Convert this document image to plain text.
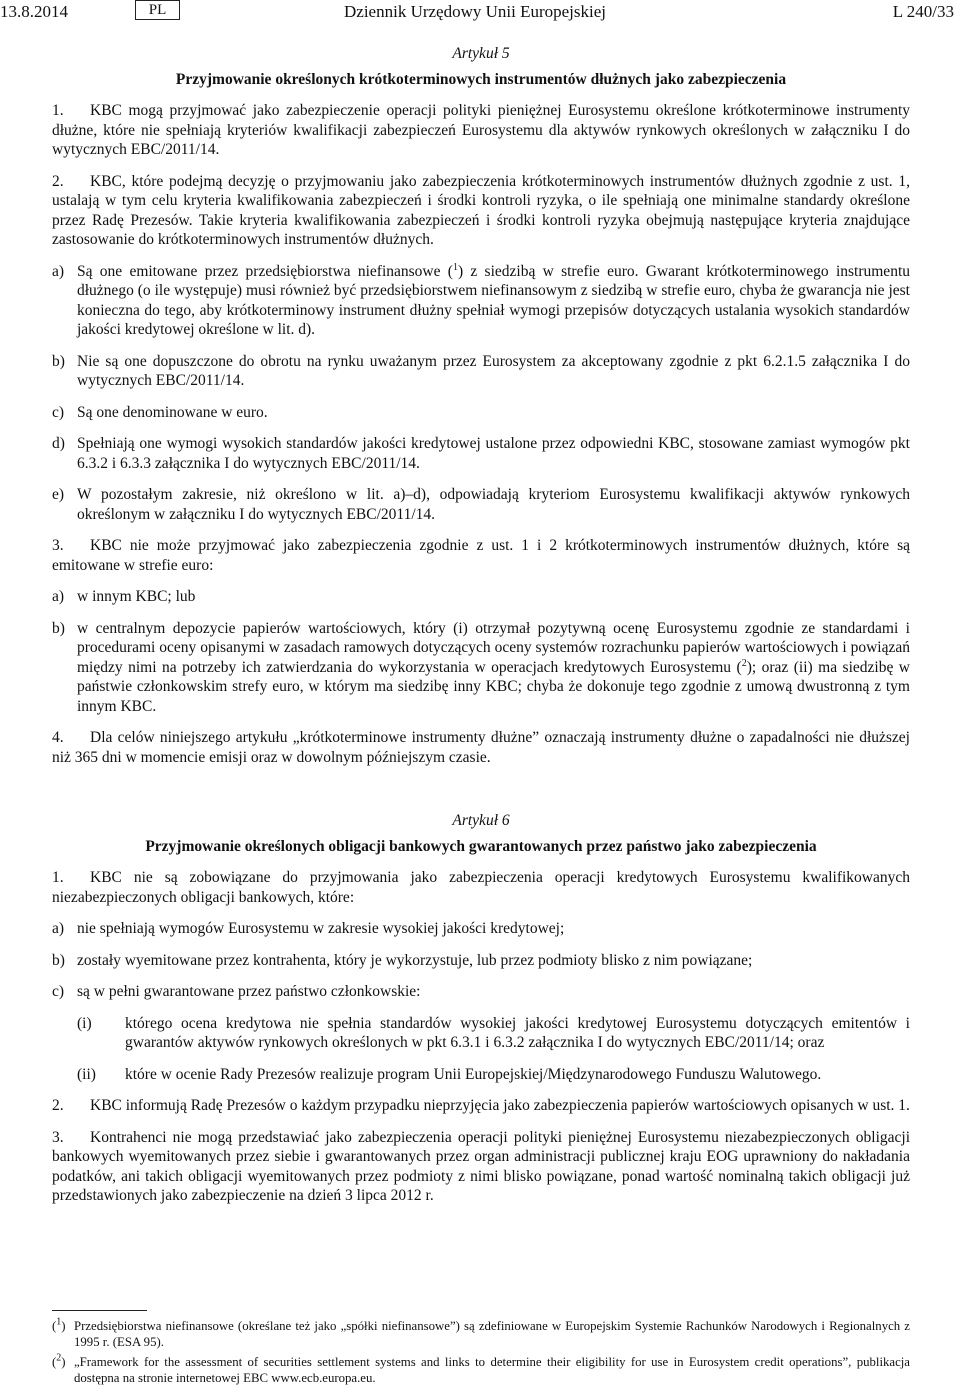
13.8.2014	PL	Dziennik Urzędowy Unii Europejskiej	L 240/33

Artykuł 5

Przyjmowanie określonych krótkoterminowych instrumentów dłużnych jako zabezpieczenia

1. KBC mogą przyjmować jako zabezpieczenie operacji polityki pieniężnej Eurosystemu określone krótkoterminowe instrumenty dłużne, które nie spełniają kryteriów kwalifikacji zabezpieczeń Eurosystemu dla aktywów rynkowych określonych w załączniku I do wytycznych EBC/2011/14.

2. KBC, które podejmą decyzję o przyjmowaniu jako zabezpieczenia krótkoterminowych instrumentów dłużnych zgodnie z ust. 1, ustalają w tym celu kryteria kwalifikowania zabezpieczeń i środki kontroli ryzyka, o ile spełniają one minimalne standardy określone przez Radę Prezesów. Takie kryteria kwalifikowania zabezpieczeń i środki kontroli ryzyka obejmują następujące kryteria znajdujące zastosowanie do krótkoterminowych instrumentów dłużnych.

a) Są one emitowane przez przedsiębiorstwa niefinansowe ($^1$) z siedzibą w strefie euro. Gwarant krótkoterminowego instrumentu dłużnego (o ile występuje) musi również być przedsiębiorstwem niefinansowym z siedzibą w strefie euro, chyba że gwarancja nie jest konieczna do tego, aby krótkoterminowy instrument dłużny spełniał wymogi przepisów dotyczących ustalania wysokich standardów jakości kredytowej określone w lit. d).
b) Nie są one dopuszczone do obrotu na rynku uważanym przez Eurosystem za akceptowany zgodnie z pkt 6.2.1.5 załącznika I do wytycznych EBC/2011/14.
c) Są one denominowane w euro.
d) Spełniają one wymogi wysokich standardów jakości kredytowej ustalone przez odpowiedni KBC, stosowane zamiast wymogów pkt 6.3.2 i 6.3.3 załącznika I do wytycznych EBC/2011/14.
e) W pozostałym zakresie, niż określono w lit. a)–d), odpowiadają kryteriom Eurosystemu kwalifikacji aktywów rynkowych określonym w załączniku I do wytycznych EBC/2011/14.

3. KBC nie może przyjmować jako zabezpieczenia zgodnie z ust. 1 i 2 krótkoterminowych instrumentów dłużnych, które są emitowane w strefie euro:

a) w innym KBC; lub
b) w centralnym depozycie papierów wartościowych, który (i) otrzymał pozytywną ocenę Eurosystemu zgodnie ze standardami i procedurami oceny opisanymi w zasadach ramowych dotyczących oceny systemów rozrachunku papierów wartościowych i powiązań między nimi na potrzeby ich zatwierdzania do wykorzystania w operacjach kredytowych Eurosystemu ($^2$); oraz (ii) ma siedzibę w państwie członkowskim strefy euro, w którym ma siedzibę inny KBC; chyba że dokonuje tego zgodnie z umową dwustronną z tym innym KBC.

4. Dla celów niniejszego artykułu „krótkoterminowe instrumenty dłużne” oznaczają instrumenty dłużne o zapadalności nie dłuższej niż 365 dni w momencie emisji oraz w dowolnym późniejszym czasie.

Artykuł 6

Przyjmowanie określonych obligacji bankowych gwarantowanych przez państwo jako zabezpieczenia

1. KBC nie są zobowiązane do przyjmowania jako zabezpieczenia operacji kredytowych Eurosystemu kwalifikowanych niezabezpieczonych obligacji bankowych, które:

a) nie spełniają wymogów Eurosystemu w zakresie wysokiej jakości kredytowej;
b) zostały wyemitowane przez kontrahenta, który je wykorzystuje, lub przez podmioty blisko z nim powiązane;
c) są w pełni gwarantowane przez państwo członkowskie:
(i) którego ocena kredytowa nie spełnia standardów wysokiej jakości kredytowej Eurosystemu dotyczących emitentów i gwarantów aktywów rynkowych określonych w pkt 6.3.1 i 6.3.2 załącznika I do wytycznych EBC/2011/14; oraz
(ii) które w ocenie Rady Prezesów realizuje program Unii Europejskiej/Międzynarodowego Funduszu Walutowego.

2. KBC informują Radę Prezesów o każdym przypadku nieprzyjęcia jako zabezpieczenia papierów wartościowych opisanych w ust. 1.

3. Kontrahenci nie mogą przedstawiać jako zabezpieczenia operacji polityki pieniężnej Eurosystemu niezabezpieczonych obligacji bankowych wyemitowanych przez siebie i gwarantowanych przez organ administracji publicznej kraju EOG uprawniony do nakładania podatków, ani takich obligacji wyemitowanych przez podmioty z nimi blisko powiązane, ponad wartość nominalną takich obligacji już przedstawionych jako zabezpieczenie na dzień 3 lipca 2012 r.

($^1$) Przedsiębiorstwa niefinansowe (określane też jako „spółki niefinansowe”) są zdefiniowane w Europejskim Systemie Rachunków Narodowych i Regionalnych z 1995 r. (ESA 95).
($^2$) „Framework for the assessment of securities settlement systems and links to determine their eligibility for use in Eurosystem credit operations”, publikacja dostępna na stronie internetowej EBC www.ecb.europa.eu.
